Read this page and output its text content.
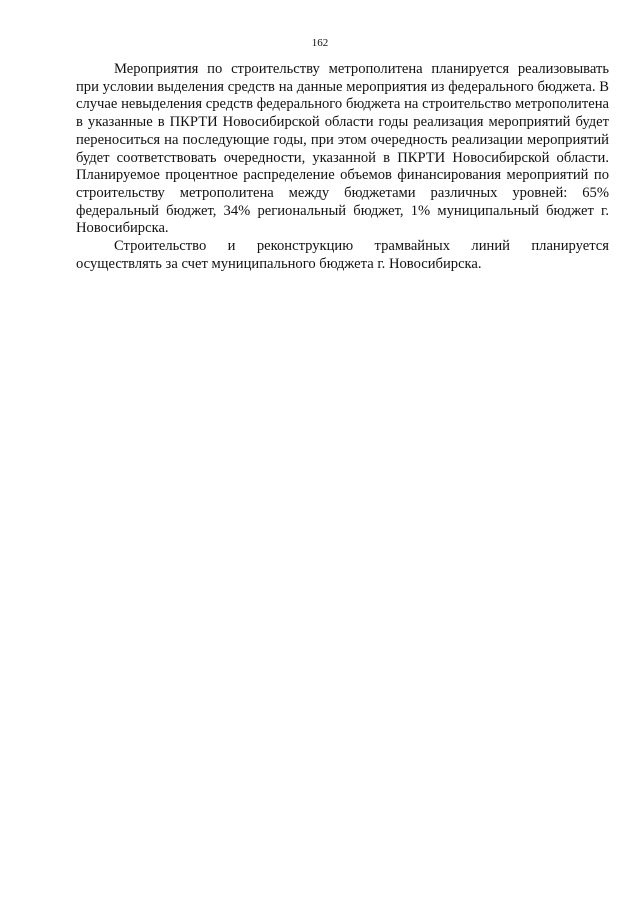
162

Мероприятия по строительству метрополитена планируется реализовывать при условии выделения средств на данные мероприятия из федерального бюджета. В случае невыделения средств федерального бюджета на строительство метрополитена в указанные в ПКРТИ Новосибирской области годы реализация мероприятий будет переноситься на последующие годы, при этом очередность реализации мероприятий будет соответствовать очередности, указанной в ПКРТИ Новосибирской области. Планируемое процентное распределение объемов финансирования мероприятий по строительству метрополитена между бюджетами различных уровней: 65% федеральный бюджет, 34% региональный бюджет, 1% муниципальный бюджет г. Новосибирска.

Строительство и реконструкцию трамвайных линий планируется осуществлять за счет муниципального бюджета г. Новосибирска.
